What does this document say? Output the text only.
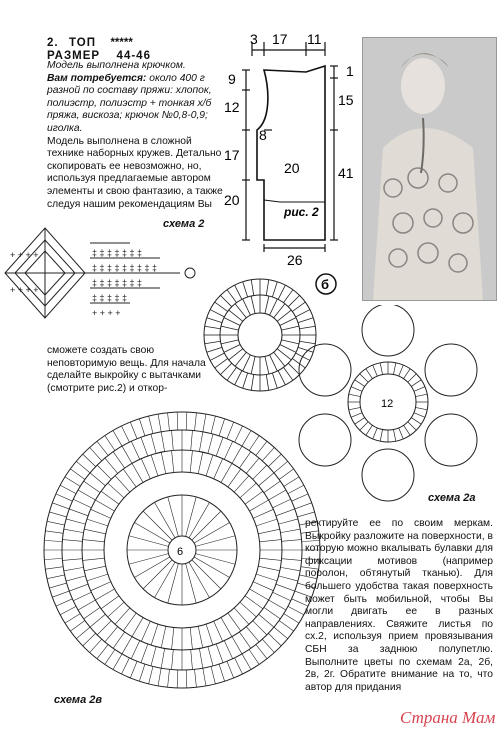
2. ТОП *****
РАЗМЕР 44-46
Модель выполнена крючком.
Вам потребуется: около 400 г разной по составу пряжи: хлопок, полиэстр, полиэстр + тонкая х/б пряжа, вискоза; крючок №0,8-0,9; иголка.
Модель выполнена в сложной технике наборных кружев. Детально скопировать ее невозможно, но, используя предлагаемые автором элементы и свою фантазию, а также следуя нашим рекомендациям Вы
3 17 11
1
15
41
9
12
17
20
8
20
рис. 2
26
‡ ‡ ‡ ‡ ‡ ‡ ‡
‡ ‡ ‡ ‡ ‡ ‡ ‡ ‡ ‡
‡ ‡ ‡ ‡ ‡ ‡ ‡
‡ ‡ ‡ ‡ ‡
+ + + +
+ + + +
+ + + +
схема 2
б
сможете создать свою неповторимую вещь. Для начала сделайте выкройку с вытачками (смотрите рис.2) и откор-
12
схема 2а
6
схема 2в
ректируйте ее по своим меркам. Выкройку разложите на поверхности, в которую можно вкалывать булавки для фиксации мотивов (например поролон, обтянутый тканью). Для большего удобства такая поверхность может быть мобильной, чтобы Вы могли двигать ее в разных направлениях. Свяжите листья по сх.2, используя прием провязывания СБН за заднюю полупетлю. Выполните цветы по схемам 2а, 2б, 2в, 2г. Обратите внимание на то, что автор для придания
Страна Мам
